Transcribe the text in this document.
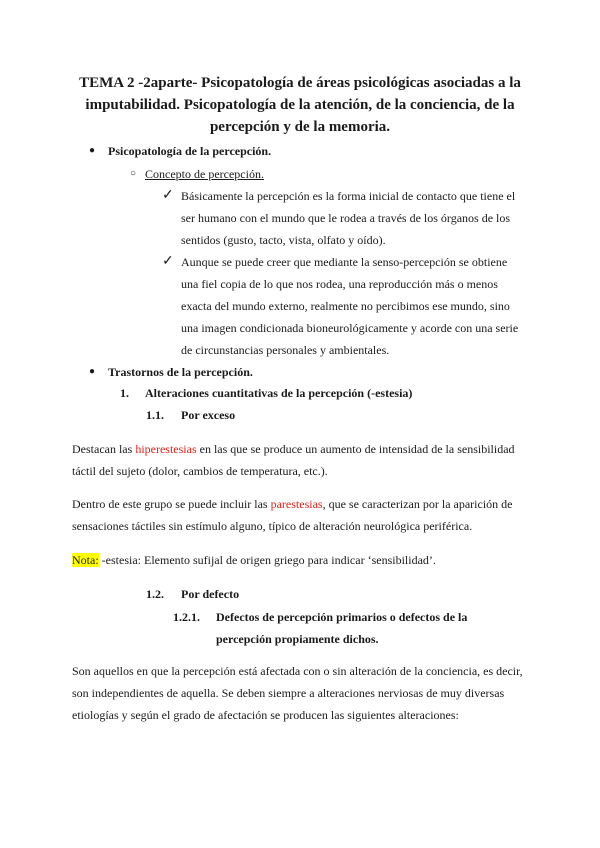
TEMA 2 -2aparte- Psicopatología de áreas psicológicas asociadas a la
imputabilidad. Psicopatología de la atención, de la conciencia, de la
percepción y de la memoria.
● Psicopatología de la percepción.
○ Concepto de percepción.
✓ Básicamente la percepción es la forma inicial de contacto que tiene el
ser humano con el mundo que le rodea a través de los órganos de los
sentidos (gusto, tacto, vista, olfato y oído).
✓ Aunque se puede creer que mediante la senso-percepción se obtiene
una fiel copia de lo que nos rodea, una reproducción más o menos
exacta del mundo externo, realmente no percibimos ese mundo, sino
una imagen condicionada bioneurológicamente y acorde con una serie
de circunstancias personales y ambientales.
● Trastornos de la percepción.
1. Alteraciones cuantitativas de la percepción (-estesia)
1.1. Por exceso
Destacan las hiperestesias en las que se produce un aumento de intensidad de la sensibilidad táctil del sujeto (dolor, cambios de temperatura, etc.).
Dentro de este grupo se puede incluir las parestesias, que se caracterizan por la aparición de sensaciones táctiles sin estímulo alguno, típico de alteración neurológica periférica.
Nota: -estesia: Elemento sufijal de origen griego para indicar ‘sensibilidad’.
1.2. Por defecto
1.2.1. Defectos de percepción primarios o defectos de la
percepción propiamente dichos.
Son aquellos en que la percepción está afectada con o sin alteración de la conciencia, es decir, son independientes de aquella. Se deben siempre a alteraciones nerviosas de muy diversas etiologías y según el grado de afectación se producen las siguientes alteraciones:
